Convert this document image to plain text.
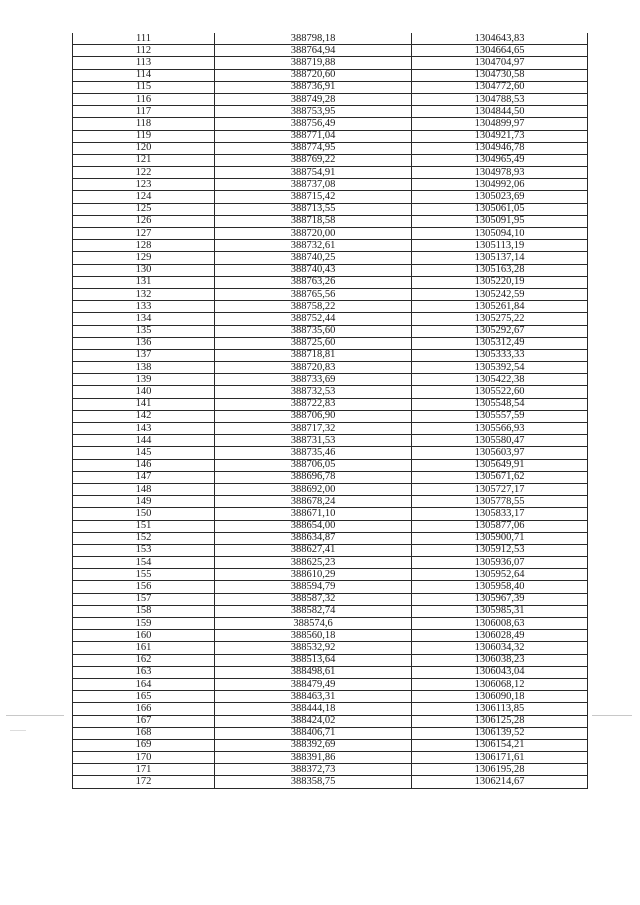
111	388798,18	1304643,83
112	388764,94	1304664,65
113	388719,88	1304704,97
114	388720,60	1304730,58
115	388736,91	1304772,60
116	388749,28	1304788,53
117	388753,95	1304844,50
118	388756,49	1304899,97
119	388771,04	1304921,73
120	388774,95	1304946,78
121	388769,22	1304965,49
122	388754,91	1304978,93
123	388737,08	1304992,06
124	388715,42	1305023,69
125	388713,55	1305061,05
126	388718,58	1305091,95
127	388720,00	1305094,10
128	388732,61	1305113,19
129	388740,25	1305137,14
130	388740,43	1305163,28
131	388763,26	1305220,19
132	388765,56	1305242,59
133	388758,22	1305261,84
134	388752,44	1305275,22
135	388735,60	1305292,67
136	388725,60	1305312,49
137	388718,81	1305333,33
138	388720,83	1305392,54
139	388733,69	1305422,38
140	388732,53	1305522,60
141	388722,83	1305548,54
142	388706,90	1305557,59
143	388717,32	1305566,93
144	388731,53	1305580,47
145	388735,46	1305603,97
146	388706,05	1305649,91
147	388696,78	1305671,62
148	388692,00	1305727,17
149	388678,24	1305778,55
150	388671,10	1305833,17
151	388654,00	1305877,06
152	388634,87	1305900,71
153	388627,41	1305912,53
154	388625,23	1305936,07
155	388610,29	1305952,64
156	388594,79	1305958,40
157	388587,32	1305967,39
158	388582,74	1305985,31
159	388574,6	1306008,63
160	388560,18	1306028,49
161	388532,92	1306034,32
162	388513,64	1306038,23
163	388498,61	1306043,04
164	388479,49	1306068,12
165	388463,31	1306090,18
166	388444,18	1306113,85
167	388424,02	1306125,28
168	388406,71	1306139,52
169	388392,69	1306154,21
170	388391,86	1306171,61
171	388372,73	1306195,28
172	388358,75	1306214,67
